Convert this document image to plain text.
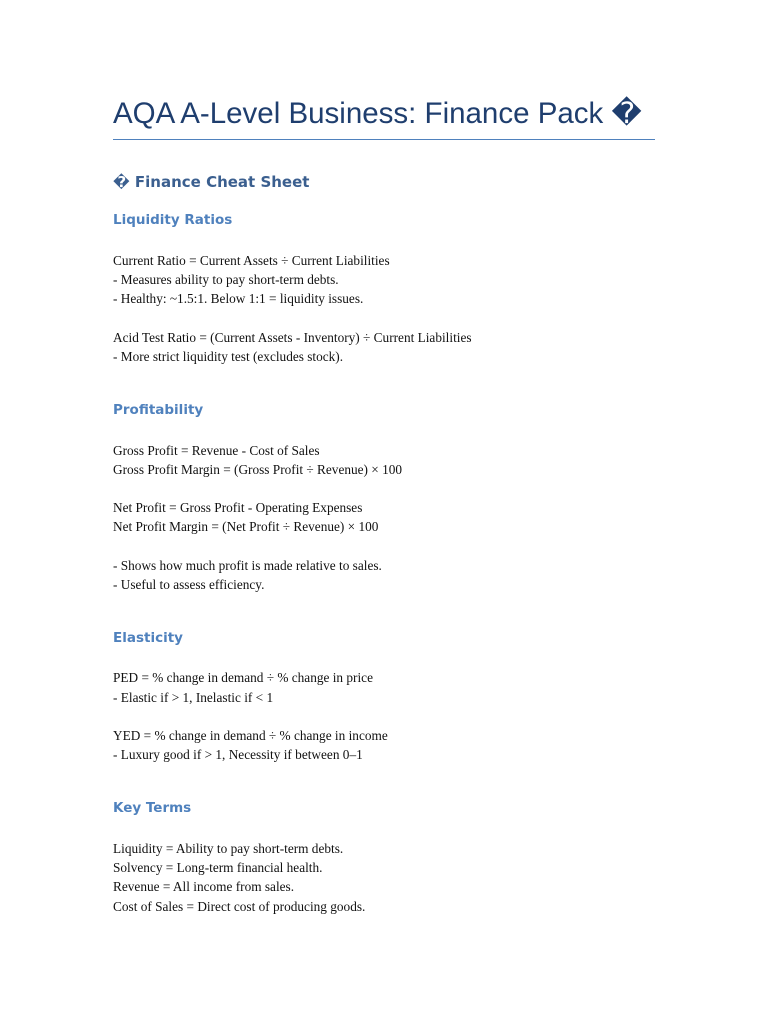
AQA A-Level Business: Finance Pack �
� Finance Cheat Sheet
Liquidity Ratios
Current Ratio = Current Assets ÷ Current Liabilities
- Measures ability to pay short-term debts.
- Healthy: ~1.5:1. Below 1:1 = liquidity issues.
Acid Test Ratio = (Current Assets - Inventory) ÷ Current Liabilities
- More strict liquidity test (excludes stock).
Profitability
Gross Profit = Revenue - Cost of Sales
Gross Profit Margin = (Gross Profit ÷ Revenue) × 100
Net Profit = Gross Profit - Operating Expenses
Net Profit Margin = (Net Profit ÷ Revenue) × 100
- Shows how much profit is made relative to sales.
- Useful to assess efficiency.
Elasticity
PED = % change in demand ÷ % change in price
- Elastic if > 1, Inelastic if < 1
YED = % change in demand ÷ % change in income
- Luxury good if > 1, Necessity if between 0–1
Key Terms
Liquidity = Ability to pay short-term debts.
Solvency = Long-term financial health.
Revenue = All income from sales.
Cost of Sales = Direct cost of producing goods.
